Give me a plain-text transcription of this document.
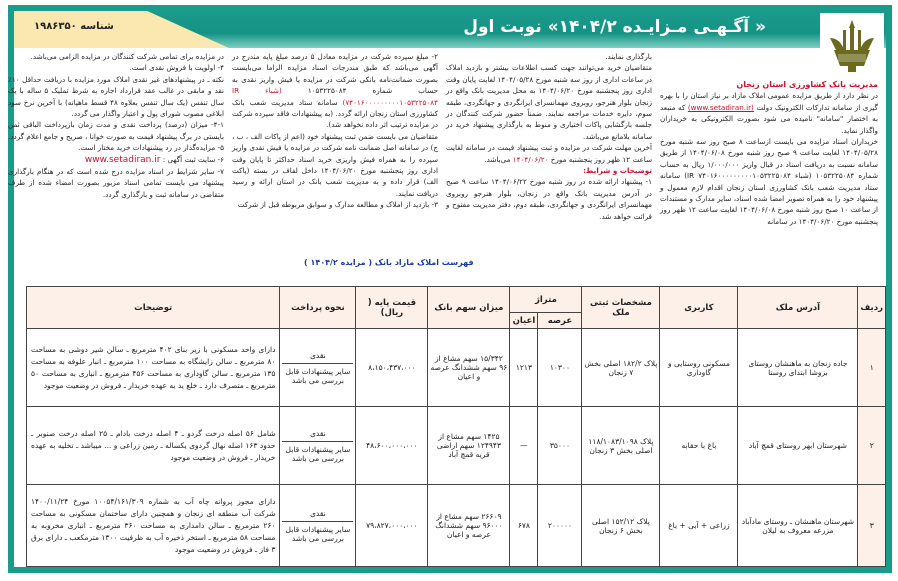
شناسه ۱۹۸۶۳۵۰	« آگـهـی مـزایـده ۱۴۰۴/۲» نوبت اول
مدیریت بانک کشاورزی استان زنجان
در نظر دارد از طریق مزایده عمومی املاک مازاد بر نیاز استان را با بهره گیری از سامانه تدارکات الکترونیک دولت (www.setadiran.ir) که منبعد به اختصار "سامانه" نامیده می شود بصورت الکترونیکی به خریداران واگذار نماید.
خریداران اسناد مزایده می بایست ازساعت ۸ صبح روز سه شنبه مورخ ۱۴۰۴/۰۵/۲۸ لغایت ساعت ۹ صبح روز شنبه مورخ ۱۴۰۴/۰۶/۰۸ از طریق سامانه نسبت به دریافت اسناد در قبال واریز ۱/۰۰۰/۰۰۰ ریال به حساب شماره ۱۰۵۳۲۲۵۰۸۴ (شباء IR ۷۴۰۱۶۰۰۰۰۰۰۰۰۰۱۰۵۳۲۲۵۰۸۴) سامانه ستاد مدیریت شعب بانک کشاورزی استان زنجان اقدام لازم معمول و پیشنهاد خود را به همراه تصویر امضا شده اسناد، سایر مدارک و مستندات از ساعت ۱۰ صبح روز شنبه مورخ ۱۴۰۴/۰۶/۰۸ لغایت ساعت ۱۲ ظهر روز پنجشنبه مورخ ۱۴۰۴/۰۶/۲۰ در سامانه
بارگذاری نمایند.
متقاضیان خرید می‌توانند جهت کسب اطلاعات بیشتر و بازدید املاک در ساعات اداری از روز سه شنبه مورخ ۱۴۰۴/۰۵/۲۸ لغایت پایان وقت اداری روز پنجشنبه مورخ ۱۴۰۴/۰۶/۲۰ به محل مدیریت بانک واقع در زنجان بلوار هنرجو، روبروی مهمانسرای ایرانگردی و جهانگردی، طبقه سوم، دایره خدمات مراجعه نمایند. ضمناً حضور شرکت کنندگان در جلسه بازگشایی پاکات اختیاری و منوط به بارگذاری پیشنهاد خرید در سامانه بلامانع می‌باشد.
آخرین مهلت شرکت در مزایده و ثبت پیشنهاد قیمت در سامانه لغایت ساعت ۱۲ ظهر روز پنجشنبه مورخ ۱۴۰۴/۰۶/۲۰ می‌باشد.
توضیحات و شرایط:
۱- پیشنهاد ارائه شده در روز شنبه مورخ ۱۴۰۴/۰۶/۲۲ ساعت ۹ صبح در آدرس مدیریت بانک واقع در زنجان، بلوار هنرجو روبروی مهمانسرای ایرانگردی و جهانگردی، طبقه دوم، دفتر مدیریت مفتوح و قرائت خواهد شد.
۲- مبلغ سپرده شرکت در مزایده معادل ۵ درصد مبلغ پایه مندرج در آگهی می‌باشد که طبق مندرجات اسناد مزایده الزاما می‌بایست بصورت ضمانت‌نامه بانکی شرکت در مزایده یا فیش واریز نقدی به حساب شماره ۱۰۵۳۲۲۵۰۸۴ (شباء IR ۷۴۰۱۶۰۰۰۰۰۰۰۰۰۱۰۵۳۲۲۵۰۸۴) سامانه ستاد مدیریت شعب بانک کشاورزی استان زنجان ارائه گردد. (به پیشنهادات فاقد سپرده شرکت در مزایده ترتیب اثر داده نخواهد شد).
متقاضیان می بایست ضمن ثبت پیشنهاد خود (اعم از پاکات الف ، ب ، ج) در سامانه اصل ضمانت نامه شرکت در مزایده یا فیش نقدی واریز سپرده را به همراه فیش واریزی خرید اسناد حداکثر تا پایان وقت اداری روز پنجشنبه مورخ ۱۴۰۴/۰۶/۲۰ داخل لفاف در بسته (پاکت الف) قرار داده و به مدیریت شعب بانک در استان ارائه و رسید دریافت نمایند.
۳- بازدید از املاک و مطالعه مدارک و سوابق مربوطه قبل از شرکت
در مزایده برای تمامی شرکت کنندگان در مزایده الزامی می‌باشد.
۴- اولویت با فروش نقدی است.
نکته ـ در پیشنهادهای غیر نقدی املاک مورد مزایده با دریافت حداقل ۱۰٪ نقد و مابقی در غالب عقد قرارداد اجاره به شرط تملیک ۵ ساله با یک سال تنفس (یک سال تنفس بعلاوه ۴۸ قسط ماهیانه) با آخرین نرخ سود ابلاغی مصوب شورای پول و اعتبار واگذار می گردد.
۴-۱- میزان (درصد) پرداخت نقدی و مدت زمان بازپرداخت الباقی ثمن بایستی در برگ پیشنهاد قیمت به صورت خوانا ، صریح و جامع اعلام گردد.
۵- مزایده‌گذار در رد پیشنهادات خرید مختار است.
۶- سایت ثبت آگهی : www.setadiran.ir
۷- سایر شرایط در اسناد مزایده درج شده است که در هنگام بارگذاری پیشنهاد می بایست تمامی اسناد مزبور بصورت امضاء شده از طرف متقاضی در سامانه ثبت و بارگذاری گردد.
فهرست املاک مازاد بانک ( مزایده ۱۴۰۴/۲ )
ردیف	آدرس ملک	کاربری	مشخصات ثبتی ملک	متراژ		میزان سهم بانک	قیمت پایه ( ریال)	نحوه پرداخت	توضیحات
				عرصه	اعیان				
۱	جاده زنجان به ماهنشان روستای بزوشا ابتدای روستا	مسکونی روستایی و گاوداری	پلاک ۱۸۲/۲ اصلی بخش ۷ زنجان	۱۰۳۰۰	۱۲۱۳	۱۵/۳۴۲ سهم مشاع از ۹۶ سهم ششدانگ عرصه و اعیان	۸،۱۵۰،۴۳۷،۰۰۰	نقدی
سایر پیشنهادات قابل بررسی می باشد	دارای واحد مسکونی با زیر بنای ۴۰۲ مترمربع ـ سالن شیر دوشی به مساحت ۸۰ مترمربع ـ سالن زایشگاه به مساحت ۱۰۰ مترمربع ـ انبار علوفه به مساحت ۱۳۵ مترمربع ـ سالن گاوداری به مساحت ۴۵۶ مترمربع ـ انباری به مساحت ۵۰ مترمربع ـ متصرف دارد ـ خلع ید به عهده خریدار ـ فروش در وضعیت موجود
۲	شهرستان ابهر روستای قمچ آباد	باغ با حقابه	پلاک ۱۱۸/۱۰۸۳/۱۰۹۸ اصلی بخش ۳ زنجان	۳۵۰۰۰	—	۱۴۲۵ سهم مشاع از ۱۲۴۹۴۳ سهم اراضی قریه قمچ آباد	۴۸،۶۰۰،۰۰۰،۰۰۰	نقدی
سایر پیشنهادات قابل بررسی می باشد	شامل ۵۶ اصله درخت گردو ـ ۴ اصله درخت بادام ـ ۲۵ اصله درخت صنوبر ـ حدود ۱۶۳ اصله نهال گردوی یکساله ـ زمین زراعی و ... میباشد ـ تخلیه به عهده خریدار ـ فروش در وضعیت موجود
۳	شهرستان ماهنشان ـ روستای مادآباد مزرعه معروف به لیلان	زراعی + آبی + باغ	پلاک ۱۵۲/۱۲ اصلی بخش ۶ زنجان	۲۰۰۰۰۰	۶۷۸	۲۶۶۰۹ سهم مشاع از ۹۶۰۰۰ سهم ششدانگ عرصه و اعیان	۷۹،۸۲۷،۰۰۰،۰۰۰	نقدی
سایر پیشنهادات قابل بررسی می باشد	دارای مجوز پروانه چاه آب به شماره ۱۰۰۵۴/۱۶۱/۳۰۹ مورخ ۱۴۰۰/۱۱/۲۴ شرکت آب منطقه ای زنجان و همچنین دارای ساختمان مسکونی به مساحت ۲۶۰ مترمربع ـ سالن دامداری به مساحت ۳۶۰ مترمربع ـ انباری مخروبه به مساحت ۵۸ مترمربع ـ استخر ذخیره آب به ظرفیت ۱۳۰۰ مترمکعب ـ دارای برق ۳ فاز ـ فروش در وضعیت موجود
